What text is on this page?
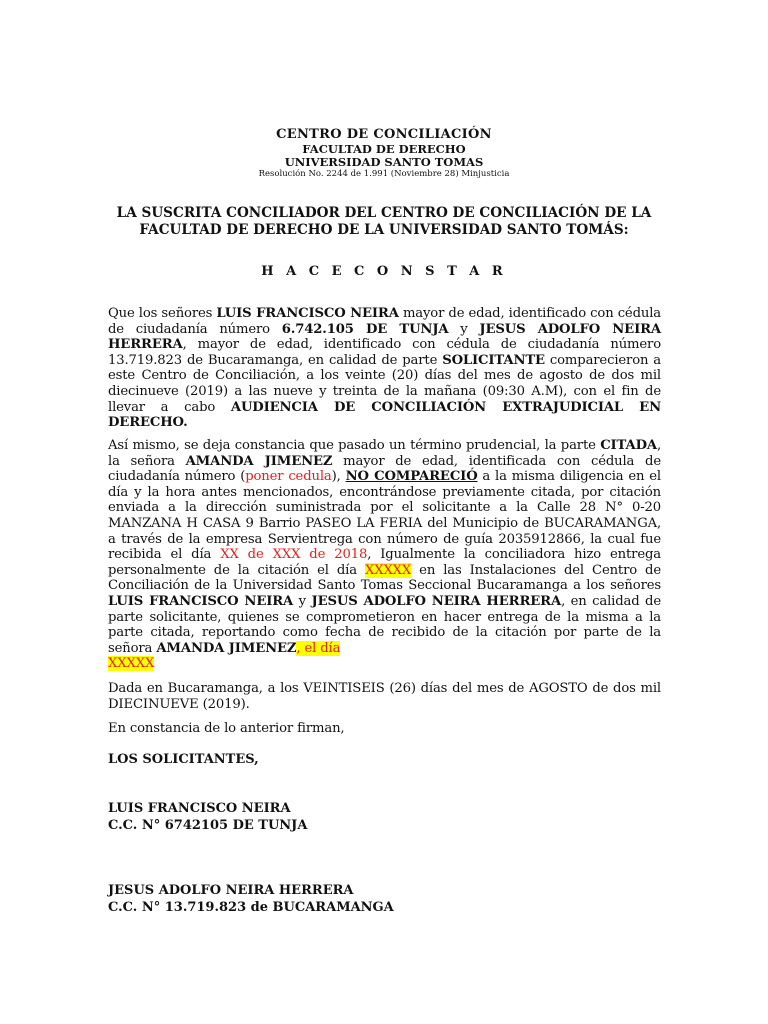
CENTRO DE CONCILIACIÓN
FACULTAD DE DERECHO
UNIVERSIDAD SANTO TOMAS
Resolución No. 2244 de 1.991 (Noviembre 28) Minjusticia
LA SUSCRITA CONCILIADOR DEL CENTRO DE CONCILIACIÓN DE LA
FACULTAD DE DERECHO DE LA UNIVERSIDAD SANTO TOMÁS:
H A C E C O N S T A R
Que los señores LUIS FRANCISCO NEIRA mayor de edad, identificado con cédula de ciudadanía número 6.742.105 DE TUNJA y JESUS ADOLFO NEIRA HERRERA, mayor de edad, identificado con cédula de ciudadanía número 13.719.823 de Bucaramanga, en calidad de parte SOLICITANTE comparecieron a este Centro de Conciliación, a los veinte (20) días del mes de agosto de dos mil diecinueve (2019) a las nueve y treinta de la mañana (09:30 A.M), con el fin de llevar a cabo AUDIENCIA DE CONCILIACIÓN EXTRAJUDICIAL EN DERECHO.
Así mismo, se deja constancia que pasado un término prudencial, la parte CITADA, la señora AMANDA JIMENEZ mayor de edad, identificada con cédula de ciudadanía número (poner cedula), NO COMPARECIÓ a la misma diligencia en el día y la hora antes mencionados, encontrándose previamente citada, por citación enviada a la dirección suministrada por el solicitante a la Calle 28 N° 0-20 MANZANA H CASA 9 Barrio PASEO LA FERIA del Municipio de BUCARAMANGA, a través de la empresa Servientrega con número de guía 2035912866, la cual fue recibida el día XX de XXX de 2018, Igualmente la conciliadora hizo entrega personalmente de la citación el día XXXXX en las Instalaciones del Centro de Conciliación de la Universidad Santo Tomas Seccional Bucaramanga a los señores LUIS FRANCISCO NEIRA y JESUS ADOLFO NEIRA HERRERA, en calidad de parte solicitante, quienes se comprometieron en hacer entrega de la misma a la parte citada, reportando como fecha de recibido de la citación por parte de la señora AMANDA JIMENEZ, el día
XXXXX
Dada en Bucaramanga, a los VEINTISEIS (26) días del mes de AGOSTO de dos mil DIECINUEVE (2019).
En constancia de lo anterior firman,
LOS SOLICITANTES,
LUIS FRANCISCO NEIRA
C.C. N° 6742105 DE TUNJA
JESUS ADOLFO NEIRA HERRERA
C.C. N° 13.719.823 de BUCARAMANGA
